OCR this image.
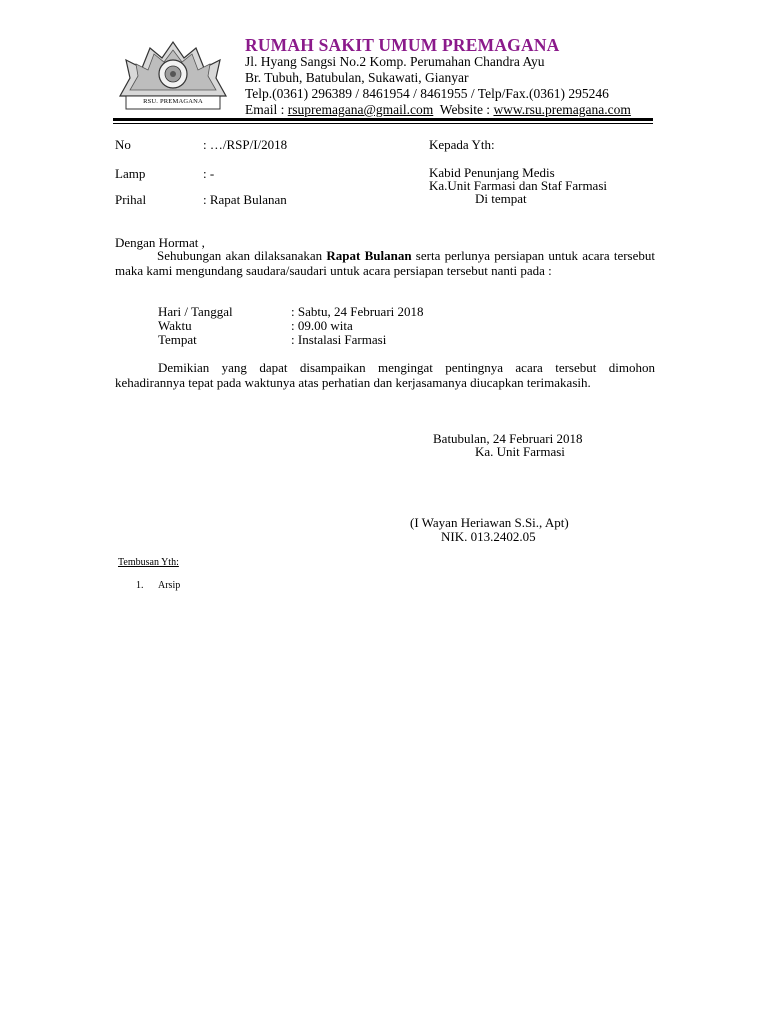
RSU. PREMAGANA
RUMAH SAKIT UMUM PREMAGANA
Jl. Hyang Sangsi No.2 Komp. Perumahan Chandra Ayu
Br. Tubuh, Batubulan, Sukawati, Gianyar
Telp.(0361) 296389 / 8461954 / 8461955 / Telp/Fax.(0361) 295246
Email : rsupremagana@gmail.com Website : www.rsu.premagana.com
No	: …/RSP/I/2018
Lamp	: -
Prihal	: Rapat Bulanan
Kepada Yth:
Kabid Penunjang Medis
Ka.Unit Farmasi dan Staf Farmasi
Di tempat
Dengan Hormat ,
Sehubungan akan dilaksanakan Rapat Bulanan serta perlunya persiapan untuk acara tersebut maka kami mengundang saudara/saudari untuk acara persiapan tersebut nanti pada :
Hari / Tanggal	: Sabtu, 24 Februari 2018
Waktu	: 09.00 wita
Tempat	: Instalasi Farmasi
Demikian yang dapat disampaikan mengingat pentingnya acara tersebut dimohon kehadirannya tepat pada waktunya atas perhatian dan kerjasamanya diucapkan terimakasih.
Batubulan, 24 Februari 2018
Ka. Unit Farmasi
(I Wayan Heriawan S.Si., Apt)
NIK. 013.2402.05
Tembusan Yth:
1. Arsip
